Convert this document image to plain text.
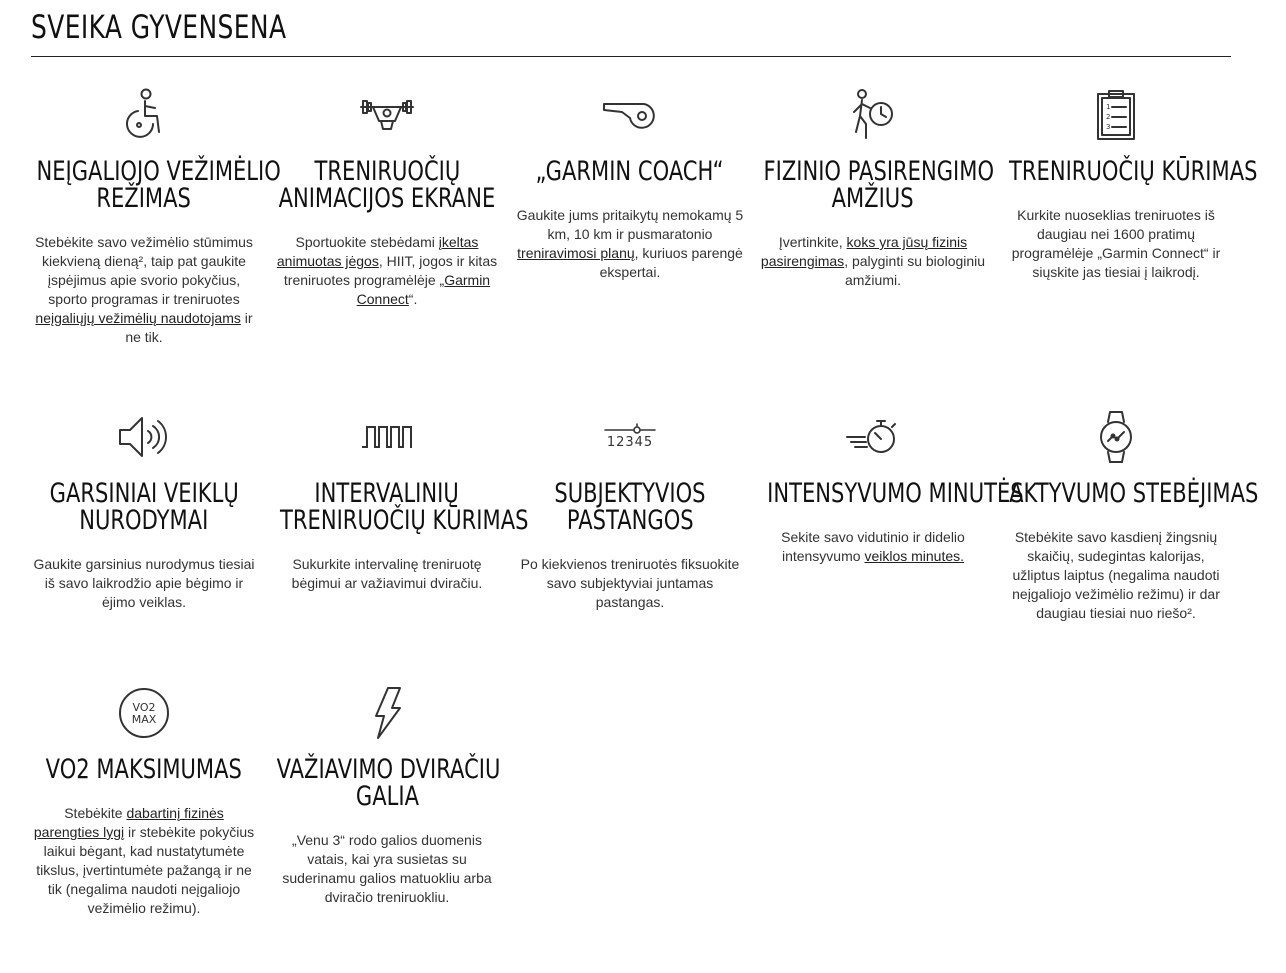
SVEIKA GYVENSENA
NEĮGALIOJO VEŽIMĖLIO
REŽIMAS

Stebėkite savo vežimėlio stūmimus kiekvieną dieną², taip pat gaukite įspėjimus apie svorio pokyčius, sporto programas ir treniruotes neįgaliųjų vežimėlių naudotojams ir ne tik.

TRENIRUOČIŲ
ANIMACIJOS EKRANE

Sportuokite stebėdami įkeltas animuotas jėgos, HIIT, jogos ir kitas treniruotes programėlėje „Garmin Connect“.

„GARMIN COACH“

Gaukite jums pritaikytų nemokamų 5 km, 10 km ir pusmaratonio treniravimosi planų, kuriuos parengė ekspertai.

FIZINIO PASIRENGIMO
AMŽIUS

Įvertinkite, koks yra jūsų fizinis pasirengimas, palyginti su biologiniu amžiumi.

1
2
3
TRENIRUOČIŲ KŪRIMAS

Kurkite nuoseklias treniruotes iš daugiau nei 1600 pratimų programėlėje „Garmin Connect“ ir siųskite jas tiesiai į laikrodį.

GARSINIAI VEIKLŲ
NURODYMAI

Gaukite garsinius nurodymus tiesiai iš savo laikrodžio apie bėgimo ir ėjimo veiklas.

INTERVALINIŲ
TRENIRUOČIŲ KŪRIMAS

Sukurkite intervalinę treniruotę bėgimui ar važiavimui dviračiu.

12345
SUBJEKTYVIOS
PASTANGOS

Po kiekvienos treniruotės fiksuokite savo subjektyviai juntamas pastangas.

INTENSYVUMO MINUTĖS

Sekite savo vidutinio ir didelio intensyvumo veiklos minutes.

AKTYVUMO STEBĖJIMAS

Stebėkite savo kasdienį žingsnių skaičių, sudegintas kalorijas, užliptus laiptus (negalima naudoti neįgaliojo vežimėlio režimu) ir dar daugiau tiesiai nuo riešo².

VO2
MAX
VO2 MAKSIMUMAS

Stebėkite dabartinį fizinės parengties lygį ir stebėkite pokyčius laikui bėgant, kad nustatytumėte tikslus, įvertintumėte pažangą ir ne tik (negalima naudoti neįgaliojo vežimėlio režimu).

VAŽIAVIMO DVIRAČIU
GALIA

„Venu 3“ rodo galios duomenis vatais, kai yra susietas su suderinamu galios matuokliu arba dviračio treniruokliu.
